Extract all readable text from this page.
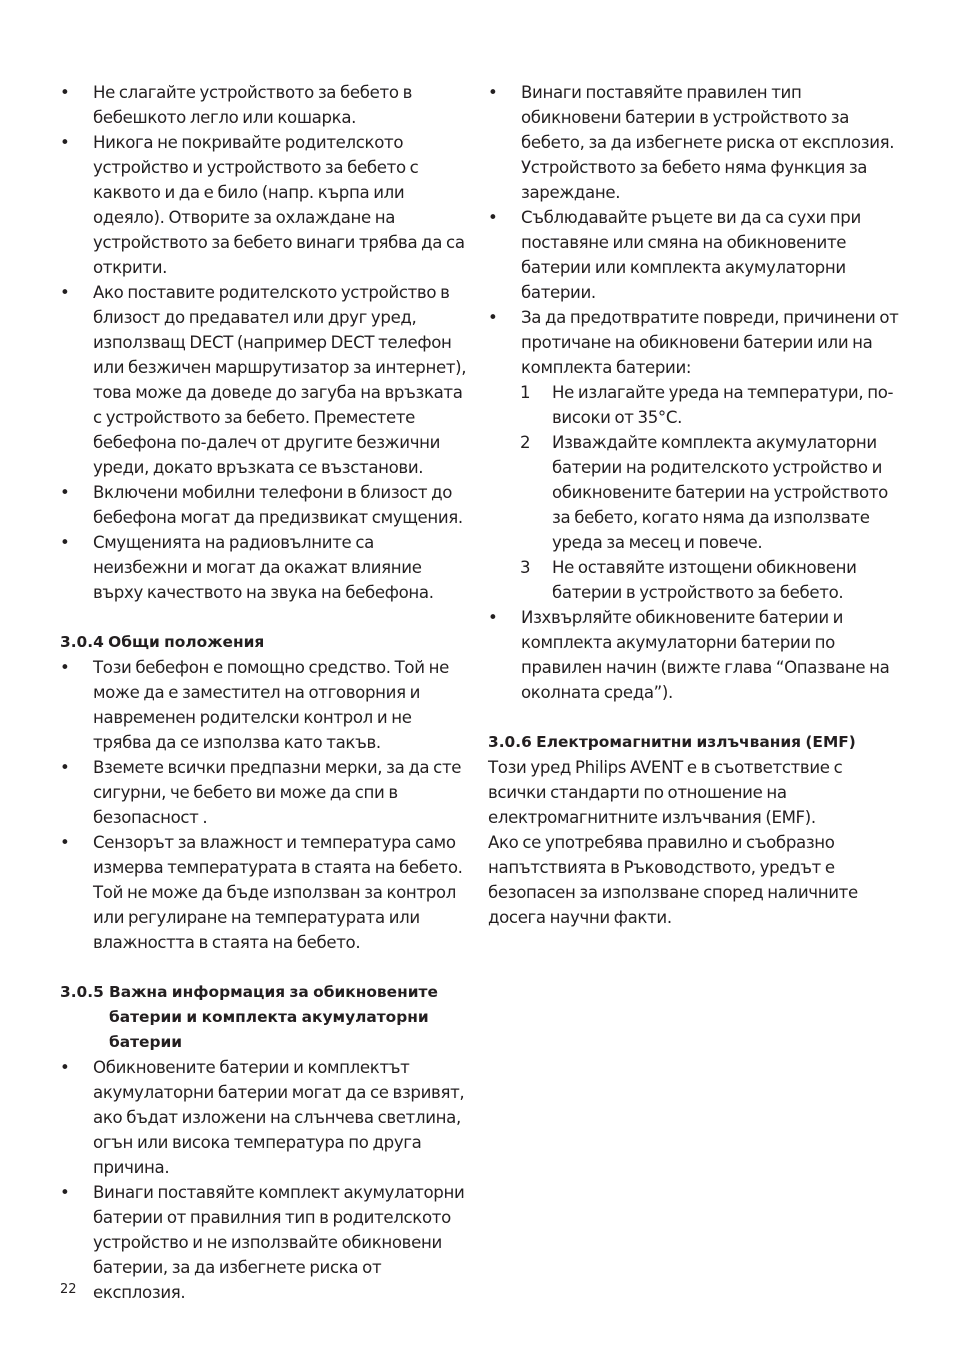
• Не слагайте устройството за бебето в бебешкото легло или кошарка.
• Никога не покривайте родителското устройство и устройството за бебето с каквото и да е било (напр. кърпа или одеяло). Отворите за охлаждане на устройството за бебето винаги трябва да са открити.
• Ако поставите родителското устройство в близост до предавател или друг уред, използващ DECT (например DECT телефон или безжичен маршрутизатор за интернет), това може да доведе до загуба на връзката с устройството за бебето. Преместете бебефона по-далеч от другите безжични уреди, докато връзката се възстанови.
• Включени мобилни телефони в близост до бебефона могат да предизвикат смущения.
• Смущенията на радиовълните са неизбежни и могат да окажат влияние върху качеството на звука на бебефона.
3.0.4 Общи положения
• Този бебефон е помощно средство. Той не може да е заместител на отговорния и навременен родителски контрол и не трябва да се използва като такъв.
• Вземете всички предпазни мерки, за да сте сигурни, че бебето ви може да спи в безопасност .
• Сензорът за влажност и температура само измерва температурата в стаята на бебето. Той не може да бъде използван за контрол или регулиране на температурата или влажността в стаята на бебето.
3.0.5 Важна информация за обикновените батерии и комплекта акумулаторни батерии
• Обикновените батерии и комплектът акумулаторни батерии могат да се взривят, ако бъдат изложени на слънчева светлина, огън или висока температура по друга причина.
• Винаги поставяйте комплект акумулаторни батерии от правилния тип в родителското устройство и не използвайте обикновени батерии, за да избегнете риска от експлозия.
• Винаги поставяйте правилен тип обикновени батерии в устройството за бебето, за да избегнете риска от експлозия. Устройството за бебето няма функция за зареждане.
• Съблюдавайте ръцете ви да са сухи при поставяне или смяна на обикновените батерии или комплекта акумулаторни батерии.
• За да предотвратите повреди, причинени от протичане на обикновени батерии или на комплекта батерии:
1 Не излагайте уреда на температури, по-високи от 35°C.
2 Изваждайте комплекта акумулаторни батерии на родителското устройство и обикновените батерии на устройството за бебето, когато няма да използвате уреда за месец и повече.
3 Не оставяйте изтощени обикновени батерии в устройството за бебето.
• Изхвърляйте обикновените батерии и комплекта акумулаторни батерии по правилен начин (вижте глава “Опазване на околната среда”).
3.0.6 Електромагнитни излъчвания (EMF)

Този уред Philips AVENT е в съответствие с всички стандарти по отношение на електромагнитните излъчвания (EMF).

Ако се употребява правилно и съобразно напътствията в Ръководството, уредът е безопасен за използване според наличните досега научни факти.

22
